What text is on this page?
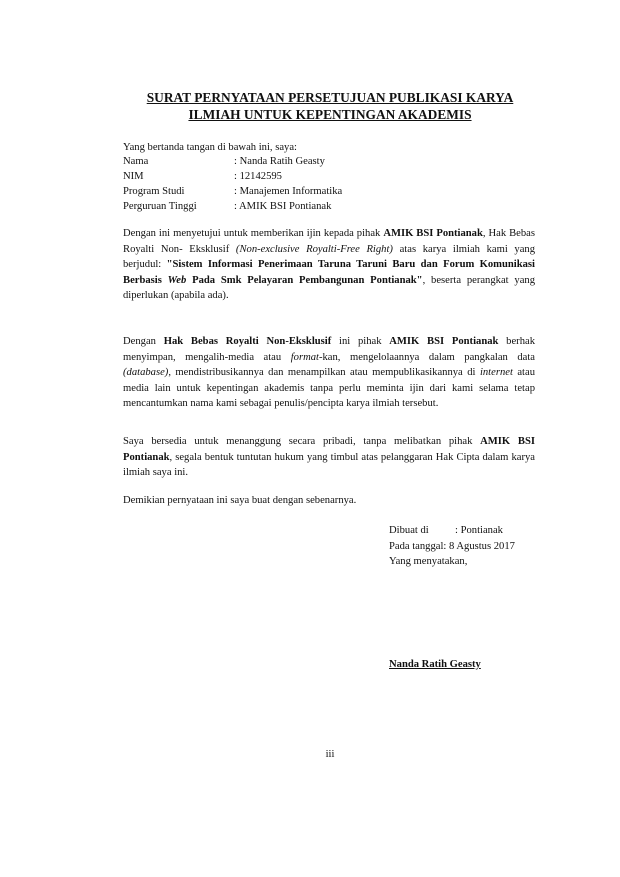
SURAT PERNYATAAN PERSETUJUAN PUBLIKASI KARYA
ILMIAH UNTUK KEPENTINGAN AKADEMIS
Yang bertanda tangan di bawah ini, saya:
Nama	: Nanda Ratih Geasty
NIM	: 12142595
Program Studi	: Manajemen Informatika
Perguruan Tinggi	: AMIK BSI Pontianak
Dengan ini menyetujui untuk memberikan ijin kepada pihak AMIK BSI Pontianak, Hak Bebas Royalti Non- Eksklusif (Non-exclusive Royalti-Free Right) atas karya ilmiah kami yang berjudul: "Sistem Informasi Penerimaan Taruna Taruni Baru dan Forum Komunikasi Berbasis Web Pada Smk Pelayaran Pembangunan Pontianak", beserta perangkat yang diperlukan (apabila ada).
Dengan Hak Bebas Royalti Non-Eksklusif ini pihak AMIK BSI Pontianak berhak menyimpan, mengalih-media atau format-kan, mengelolaannya dalam pangkalan data (database), mendistribusikannya dan menampilkan atau mempublikasikannya di internet atau media lain untuk kepentingan akademis tanpa perlu meminta ijin dari kami selama tetap mencantumkan nama kami sebagai penulis/pencipta karya ilmiah tersebut.
Saya bersedia untuk menanggung secara pribadi, tanpa melibatkan pihak AMIK BSI Pontianak, segala bentuk tuntutan hukum yang timbul atas pelanggaran Hak Cipta dalam karya ilmiah saya ini.
Demikian pernyataan ini saya buat dengan sebenarnya.
Dibuat di : Pontianak
Pada tanggal: 8 Agustus 2017
Yang menyatakan,
Nanda Ratih Geasty
iii
